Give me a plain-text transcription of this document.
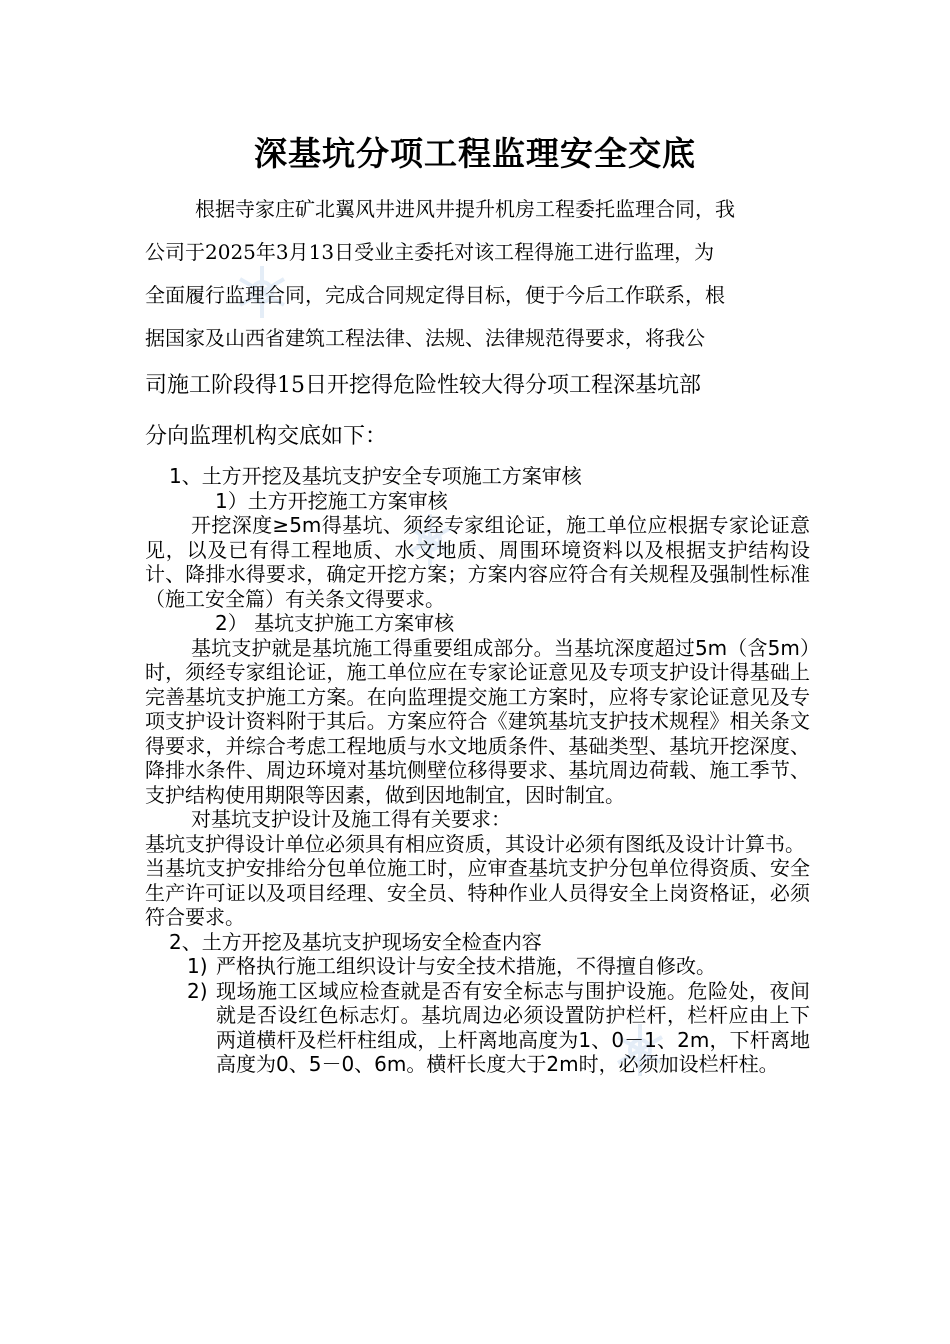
深基坑分项工程监理安全交底
根据寺家庄矿北翼风井进风井提升机房工程委托监理合同，我
公司于2025年3月13日受业主委托对该工程得施工进行监理，为
全面履行监理合同，完成合同规定得目标，便于今后工作联系，根
据国家及山西省建筑工程法律、法规、法律规范得要求，将我公
司施工阶段得15日开挖得危险性较大得分项工程深基坑部
分向监理机构交底如下：

1、土方开挖及基坑支护安全专项施工方案审核

1）土方开挖施工方案审核

开挖深度≥5m得基坑、须经专家组论证，施工单位应根据专家论证意见，以及已有得工程地质、水文地质、周围环境资料以及根据支护结构设计、降排水得要求，确定开挖方案；方案内容应符合有关规程及强制性标准（施工安全篇）有关条文得要求。

2） 基坑支护施工方案审核

基坑支护就是基坑施工得重要组成部分。当基坑深度超过5m（含5m）时，须经专家组论证，施工单位应在专家论证意见及专项支护设计得基础上完善基坑支护施工方案。在向监理提交施工方案时，应将专家论证意见及专项支护设计资料附于其后。方案应符合《建筑基坑支护技术规程》相关条文得要求，并综合考虑工程地质与水文地质条件、基础类型、基坑开挖深度、降排水条件、周边环境对基坑侧壁位移得要求、基坑周边荷载、施工季节、支护结构使用期限等因素，做到因地制宜，因时制宜。

对基坑支护设计及施工得有关要求：

基坑支护得设计单位必须具有相应资质，其设计必须有图纸及设计计算书。

当基坑支护安排给分包单位施工时，应审查基坑支护分包单位得资质、安全生产许可证以及项目经理、安全员、特种作业人员得安全上岗资格证，必须符合要求。

2、土方开挖及基坑支护现场安全检查内容

1) 严格执行施工组织设计与安全技术措施，不得擅自修改。
2) 现场施工区域应检查就是否有安全标志与围护设施。危险处，夜间就是否设红色标志灯。基坑周边必须设置防护栏杆，栏杆应由上下两道横杆及栏杆柱组成，上杆离地高度为1、0－1、2m，下杆离地高度为0、5－0、6m。横杆长度大于2m时，必须加设栏杆柱。
